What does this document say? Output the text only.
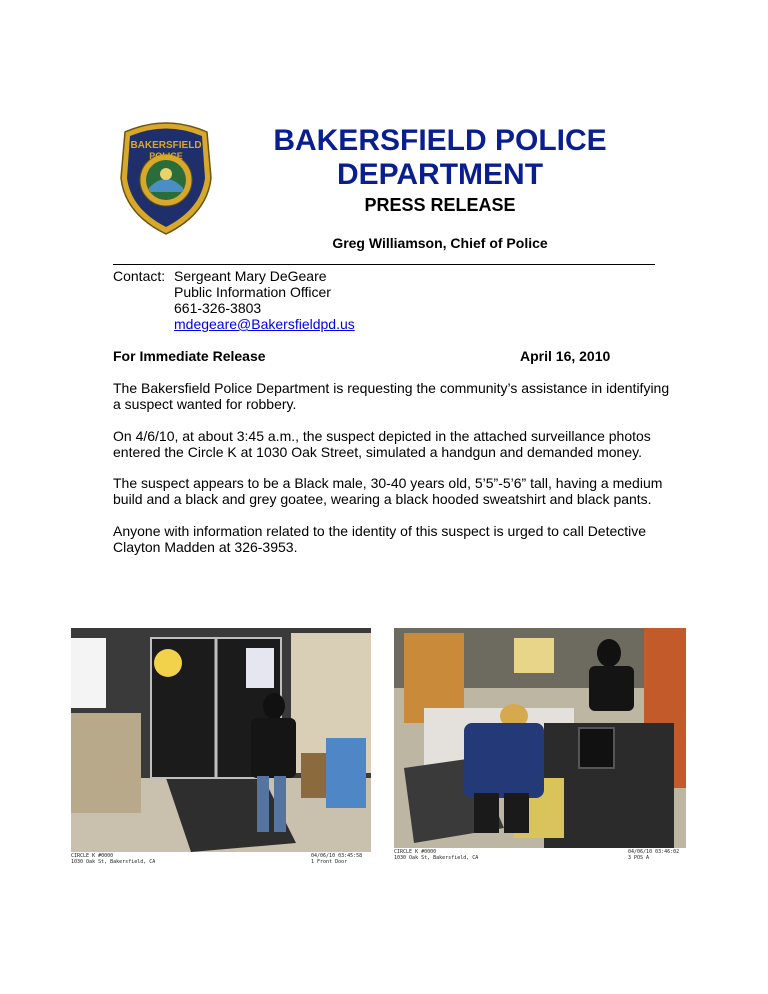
BAKERSFIELD
POLICE	BAKERSFIELD POLICE
DEPARTMENT
PRESS RELEASE
Greg Williamson, Chief of Police
Contact: Sergeant Mary DeGeare
Public Information Officer
661-326-3803
mdegeare@Bakersfieldpd.us
For Immediate Release	April 16, 2010
The Bakersfield Police Department is requesting the community’s assistance in identifying a suspect wanted for robbery.
On 4/6/10, at about 3:45 a.m., the suspect depicted in the attached surveillance photos entered the Circle K at 1030 Oak Street, simulated a handgun and demanded money.
The suspect appears to be a Black male, 30-40 years old, 5’5”-5’6” tall, having a medium build and a black and grey goatee, wearing a black hooded sweatshirt and black pants.
Anyone with information related to the identity of this suspect is urged to call Detective Clayton Madden at 326-3953.
CIRCLE K #0000
1030 Oak St, Bakersfield, CA
04/06/10 03:45:58
1 Front Door
CIRCLE K #0000
1030 Oak St, Bakersfield, CA
04/06/10 03:46:02
3 POS A
